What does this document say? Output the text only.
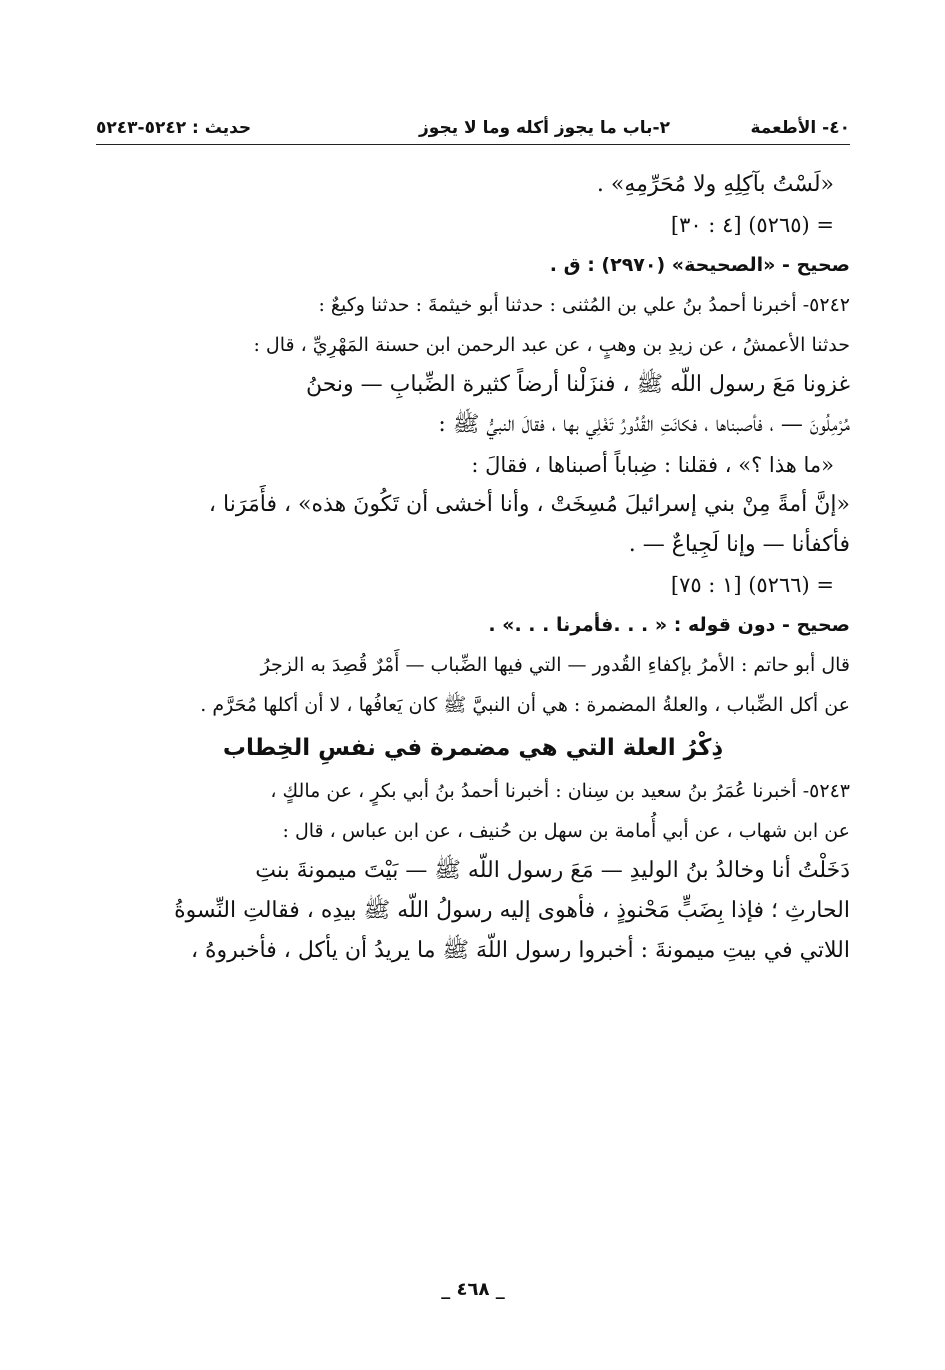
٤٠- الأطعمة
٢-باب ما يجوز أكله وما لا يجوز
حديث : ٥٢٤٢-٥٢٤٣
«لَسْتُ بآكِلِهِ ولا مُحَرِّمِهِ» .
= (٥٢٦٥) [٤ : ٣٠]
صحيح - «الصحيحة» (٢٩٧٠) : ق .
٥٢٤٢- أخبرنا أحمدُ بنُ علي بن المُثنى : حدثنا أبو خيثمةَ : حدثنا وكيعٌ :
حدثنا الأعمشُ ، عن زيدِ بن وهبٍ ، عن عبد الرحمن ابن حسنة المَهْرِيِّ ، قال :
غزونا مَعَ رسول اللّه ﷺ ، فنزَلْنا أرضاً كثيرة الضِّبابِ — ونحنُ
مُرْمِلُونَ — ، فأصبناها ، فكانَتِ القُدُورُ تَغْلِي بها ، فقالَ النبيُّ ﷺ :
«ما هذا ؟» ، فقلنا : ضِباباً أصبناها ، فقالَ :
«إنَّ أمةً مِنْ بني إسرائيلَ مُسِخَتْ ، وأنا أخشى أن تَكُونَ هذه» ، فأَمَرَنا ،
فأكفأنا — وإنا لَجِياعٌ — .
= (٥٢٦٦) [١ : ٧٥]
صحيح - دون قوله : « . . .فأمرنا . . .» .
قال أبو حاتم : الأمرُ بإكفاءِ القُدور — التي فيها الضِّباب — أَمْرٌ قُصِدَ به الزجرُ
عن أكل الضِّباب ، والعلةُ المضمرة : هي أن النبيَّ ﷺ كان يَعافُها ، لا أن أكلها مُحَرَّم .
ذِكْرُ العلة التي هي مضمرة في نفسِ الخِطاب
٥٢٤٣- أخبرنا عُمَرُ بنُ سعيد بن سِنان : أخبرنا أحمدُ بنُ أبي بكرٍ ، عن مالكٍ ،
عن ابن شهاب ، عن أبي أُمامة بن سهل بن حُنيف ، عن ابن عباس ، قال :
دَخَلْتُ أنا وخالدُ بنُ الوليدِ — مَعَ رسول اللّه ﷺ — بَيْتَ ميمونةَ بنتِ
الحارثِ ؛ فإذا بِضَبٍّ مَحْنوذٍ ، فأهوى إليه رسولُ اللّه ﷺ بيدِه ، فقالتِ النِّسوةُ
اللاتي في بيتِ ميمونةَ : أخبروا رسول اللّهَ ﷺ ما يريدُ أن يأكل ، فأخبروهُ ،
_ ٤٦٨ _
